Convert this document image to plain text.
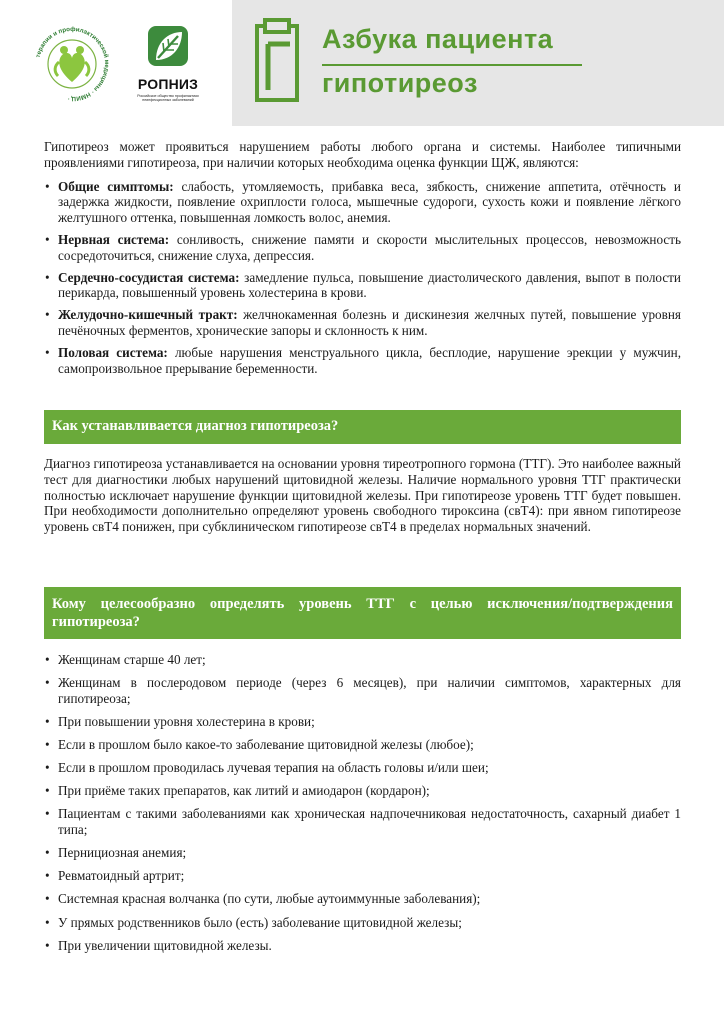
терапии и профилактической медицины · НМИЦ ·
РОПНИЗ
Российское общество профилактики неинфекционных заболеваний
Азбука пациента
гипотиреоз

Гипотиреоз может проявиться нарушением работы любого органа и системы. Наиболее типичными проявлениями гипотиреоза, при наличии которых необходима оценка функции ЩЖ, являются:

• Общие симптомы: слабость, утомляемость, прибавка веса, зябкость, снижение аппетита, отёчность и задержка жидкости, появление охриплости голоса, мышечные судороги, сухость кожи и появление лёгкого желтушного оттенка, повышенная ломкость волос, анемия.
• Нервная система: сонливость, снижение памяти и скорости мыслительных процессов, невозможность сосредоточиться, снижение слуха, депрессия.
• Сердечно-сосудистая система: замедление пульса, повышение диастолического давления, выпот в полости перикарда, повышенный уровень холестерина в крови.
• Желудочно-кишечный тракт: желчнокаменная болезнь и дискинезия желчных путей, повышение уровня печёночных ферментов, хронические запоры и склонность к ним.
• Половая система: любые нарушения менструального цикла, бесплодие, нарушение эрекции у мужчин, самопроизвольное прерывание беременности.
Как устанавливается диагноз гипотиреоза?

Диагноз гипотиреоза устанавливается на основании уровня тиреотропного гормона (ТТГ). Это наиболее важный тест для диагностики любых нарушений щитовидной железы. Наличие нормального уровня ТТГ практически полностью исключает нарушение функции щитовидной железы. При гипотиреозе уровень ТТГ будет повышен. При необходимости дополнительно определяют уровень свободного тироксина (свТ4): при явном гипотиреозе уровень свТ4 понижен, при субклиническом гипотиреозе свТ4 в пределах нормальных значений.

Кому целесообразно определять уровень ТТГ с целью исключения/подтверждения гипотиреоза?
• Женщинам старше 40 лет;
• Женщинам в послеродовом периоде (через 6 месяцев), при наличии симптомов, характерных для гипотиреоза;
• При повышении уровня холестерина в крови;
• Если в прошлом было какое-то заболевание щитовидной железы (любое);
• Если в прошлом проводилась лучевая терапия на область головы и/или шеи;
• При приёме таких препаратов, как литий и амиодарон (кордарон);
• Пациентам с такими заболеваниями как хроническая надпочечниковая недостаточность, сахарный диабет 1 типа;
• Пернициозная анемия;
• Ревматоидный артрит;
• Системная красная волчанка (по сути, любые аутоиммунные заболевания);
• У прямых родственников было (есть) заболевание щитовидной железы;
• При увеличении щитовидной железы.
